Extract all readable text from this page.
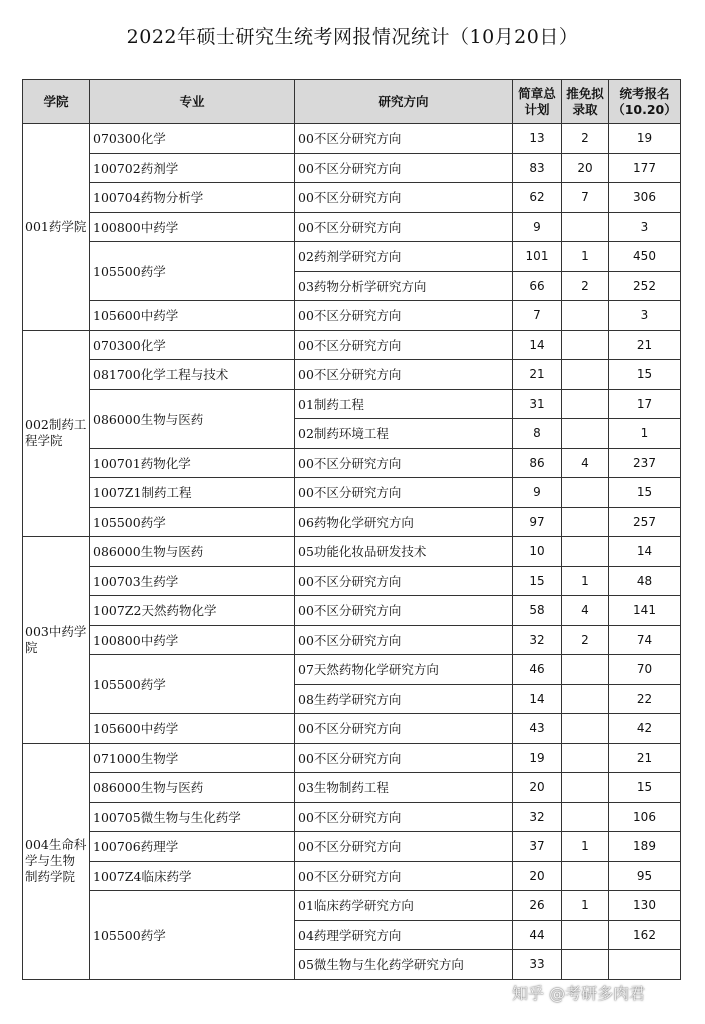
2022年硕士研究生统考网报情况统计（10月20日）
学院	专业	研究方向	简章总计划	推免拟录取	统考报名（10.20）
001药学院	070300化学	00不区分研究方向	13	2	19
	100702药剂学	00不区分研究方向	83	20	177
	100704药物分析学	00不区分研究方向	62	7	306
	100800中药学	00不区分研究方向	9		3
	105500药学	02药剂学研究方向	101	1	450
		03药物分析学研究方向	66	2	252
	105600中药学	00不区分研究方向	7		3
002制药工程学院	070300化学	00不区分研究方向	14		21
	081700化学工程与技术	00不区分研究方向	21		15
	086000生物与医药	01制药工程	31		17
		02制药环境工程	8		1
	100701药物化学	00不区分研究方向	86	4	237
	1007Z1制药工程	00不区分研究方向	9		15
	105500药学	06药物化学研究方向	97		257
003中药学院	086000生物与医药	05功能化妆品研发技术	10		14
	100703生药学	00不区分研究方向	15	1	48
	1007Z2天然药物化学	00不区分研究方向	58	4	141
	100800中药学	00不区分研究方向	32	2	74
	105500药学	07天然药物化学研究方向	46		70
		08生药学研究方向	14		22
	105600中药学	00不区分研究方向	43		42
004生命科学与生物制药学院	071000生物学	00不区分研究方向	19		21
	086000生物与医药	03生物制药工程	20		15
	100705微生物与生化药学	00不区分研究方向	32		106
	100706药理学	00不区分研究方向	37	1	189
	1007Z4临床药学	00不区分研究方向	20		95
	105500药学	01临床药学研究方向	26	1	130
		04药理学研究方向	44		162
		05微生物与生化药学研究方向	33		
知乎 @考研多肉君
